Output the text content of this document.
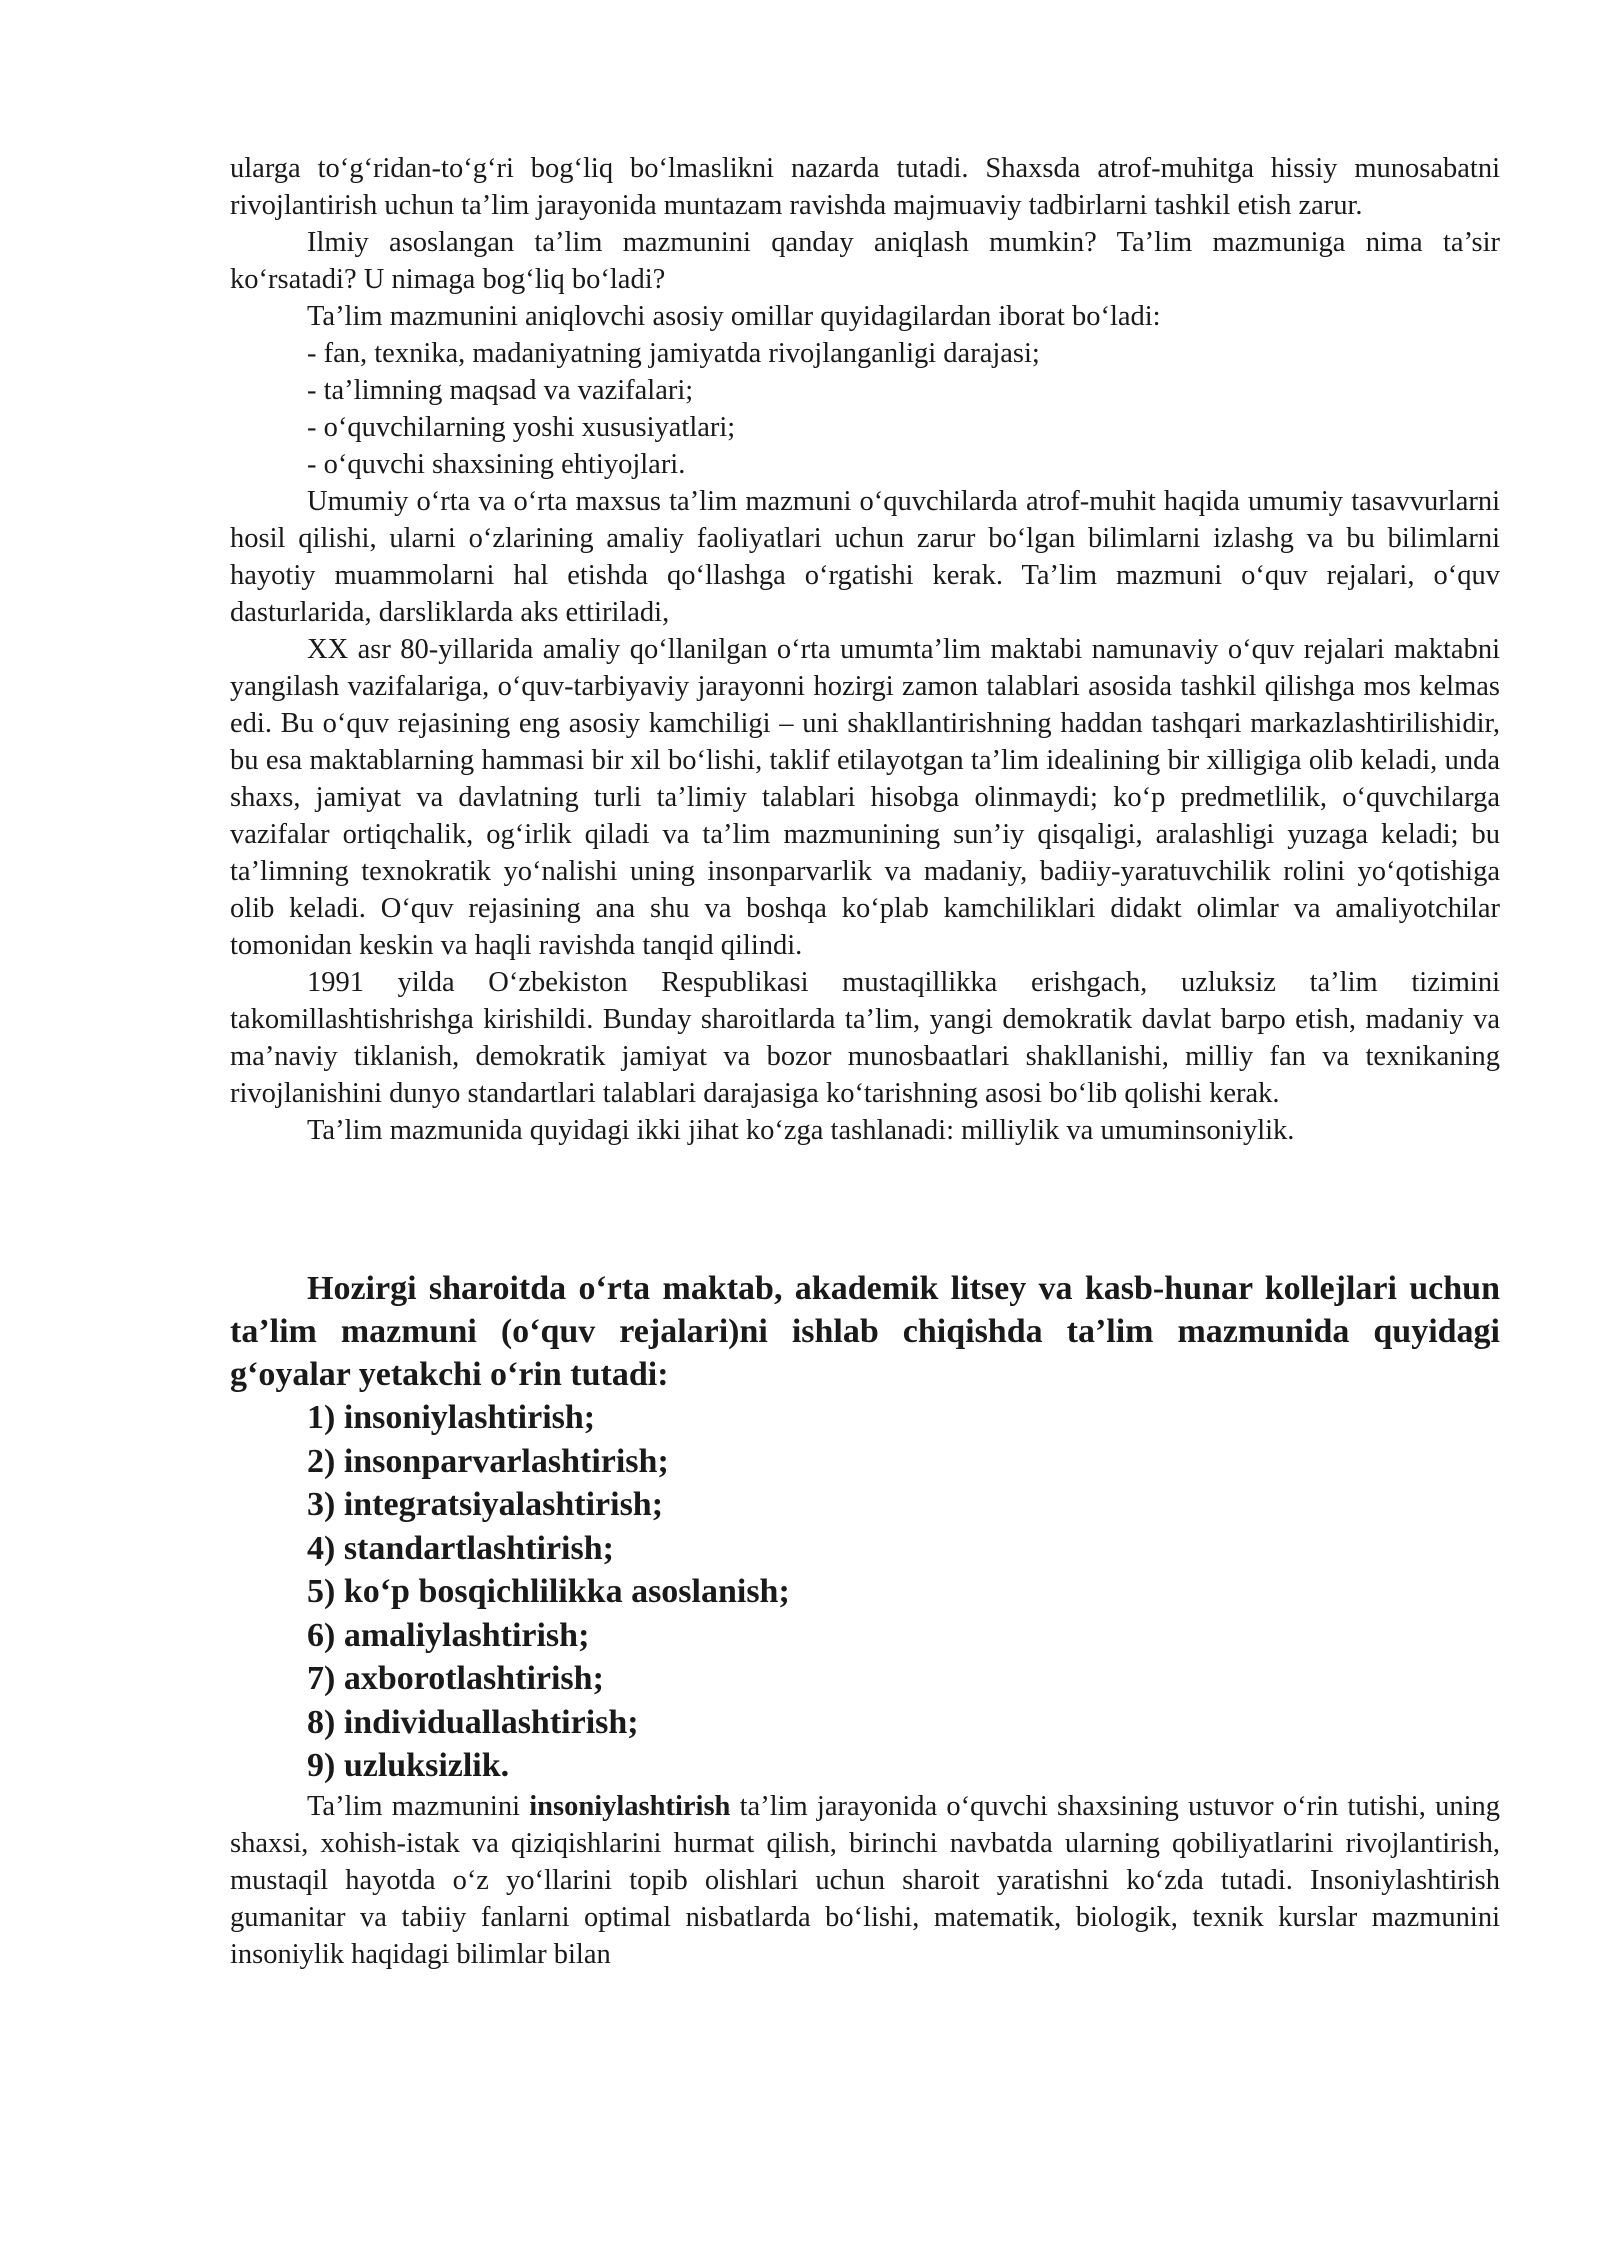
ularga to‘g‘ridan-to‘g‘ri bog‘liq bo‘lmaslikni nazarda tutadi. Shaxsda atrof-muhitga hissiy munosabatni rivojlantirish uchun ta’lim jarayonida muntazam ravishda majmuaviy tadbirlarni tashkil etish zarur.

Ilmiy asoslangan ta’lim mazmunini qanday aniqlash mumkin? Ta’lim mazmuniga nima ta’sir ko‘rsatadi? U nimaga bog‘liq bo‘ladi?

Ta’lim mazmunini aniqlovchi asosiy omillar quyidagilardan iborat bo‘ladi:

- fan, texnika, madaniyatning jamiyatda rivojlanganligi darajasi;

- ta’limning maqsad va vazifalari;

- o‘quvchilarning yoshi xususiyatlari;

- o‘quvchi shaxsining ehtiyojlari.

Umumiy o‘rta va o‘rta maxsus ta’lim mazmuni o‘quvchilarda atrof-muhit haqida umumiy tasavvurlarni hosil qilishi, ularni o‘zlarining amaliy faoliyatlari uchun zarur bo‘lgan bilimlarni izlashg va bu bilimlarni hayotiy muammolarni hal etishda qo‘llashga o‘rgatishi kerak. Ta’lim mazmuni o‘quv rejalari, o‘quv dasturlarida, darsliklarda aks ettiriladi,

XX asr 80-yillarida amaliy qo‘llanilgan o‘rta umumta’lim maktabi namunaviy o‘quv rejalari maktabni yangilash vazifalariga, o‘quv-tarbiyaviy jarayonni hozirgi zamon talablari asosida tashkil qilishga mos kelmas edi. Bu o‘quv rejasining eng asosiy kamchiligi – uni shakllantirishning haddan tashqari markazlashtirilishidir, bu esa maktablarning hammasi bir xil bo‘lishi, taklif etilayotgan ta’lim idealining bir xilligiga olib keladi, unda shaxs, jamiyat va davlatning turli ta’limiy talablari hisobga olinmaydi; ko‘p predmetlilik, o‘quvchilarga vazifalar ortiqchalik, og‘irlik qiladi va ta’lim mazmunining sun’iy qisqaligi, aralashligi yuzaga keladi; bu ta’limning texnokratik yo‘nalishi uning insonparvarlik va madaniy, badiiy-yaratuvchilik rolini yo‘qotishiga olib keladi. O‘quv rejasining ana shu va boshqa ko‘plab kamchiliklari didakt olimlar va amaliyotchilar tomonidan keskin va haqli ravishda tanqid qilindi.

1991 yilda O‘zbekiston Respublikasi mustaqillikka erishgach, uzluksiz ta’lim tizimini takomillashtishrishga kirishildi. Bunday sharoitlarda ta’lim, yangi demokratik davlat barpo etish, madaniy va ma’naviy tiklanish, demokratik jamiyat va bozor munosbaatlari shakllanishi, milliy fan va texnikaning rivojlanishini dunyo standartlari talablari darajasiga ko‘tarishning asosi bo‘lib qolishi kerak.

Ta’lim mazmunida quyidagi ikki jihat ko‘zga tashlanadi: milliylik va umuminsoniylik.

Hozirgi sharoitda o‘rta maktab, akademik litsey va kasb-hunar kollejlari uchun ta’lim mazmuni (o‘quv rejalari)ni ishlab chiqishda ta’lim mazmunida quyidagi g‘oyalar yetakchi o‘rin tutadi:

1) insoniylashtirish;

2) insonparvarlashtirish;

3) integratsiyalashtirish;

4) standartlashtirish;

5) ko‘p bosqichlilikka asoslanish;

6) amaliylashtirish;

7) axborotlashtirish;

8) individuallashtirish;

9) uzluksizlik.

Ta’lim mazmunini insoniylashtirish ta’lim jarayonida o‘quvchi shaxsining ustuvor o‘rin tutishi, uning shaxsi, xohish-istak va qiziqishlarini hurmat qilish, birinchi navbatda ularning qobiliyatlarini rivojlantirish, mustaqil hayotda o‘z yo‘llarini topib olishlari uchun sharoit yaratishni ko‘zda tutadi. Insoniylashtirish gumanitar va tabiiy fanlarni optimal nisbatlarda bo‘lishi, matematik, biologik, texnik kurslar mazmunini insoniylik haqidagi bilimlar bilan
